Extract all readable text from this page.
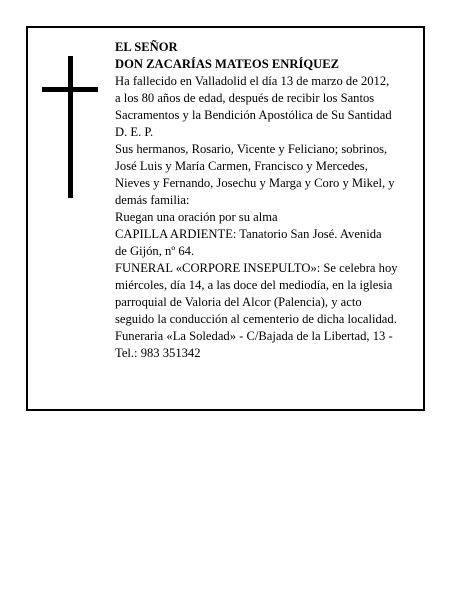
EL SEÑOR
DON ZACARÍAS MATEOS ENRÍQUEZ
Ha fallecido en Valladolid el día 13 de marzo de 2012,
a los 80 años de edad, después de recibir los Santos
Sacramentos y la Bendición Apostólica de Su Santidad
D. E. P.
Sus hermanos, Rosario, Vicente y Feliciano; sobrinos,
José Luis y María Carmen, Francisco y Mercedes,
Nieves y Fernando, Josechu y Marga y Coro y Mikel, y
demás familia:
Ruegan una oración por su alma
CAPILLA ARDIENTE: Tanatorio San José. Avenida
de Gijón, nº 64.
FUNERAL «CORPORE INSEPULTO»: Se celebra hoy
miércoles, día 14, a las doce del mediodía, en la iglesia
parroquial de Valoria del Alcor (Palencia), y acto
seguido la conducción al cementerio de dicha localidad.
Funeraria «La Soledad» - C/Bajada de la Libertad, 13 -
Tel.: 983 351342
